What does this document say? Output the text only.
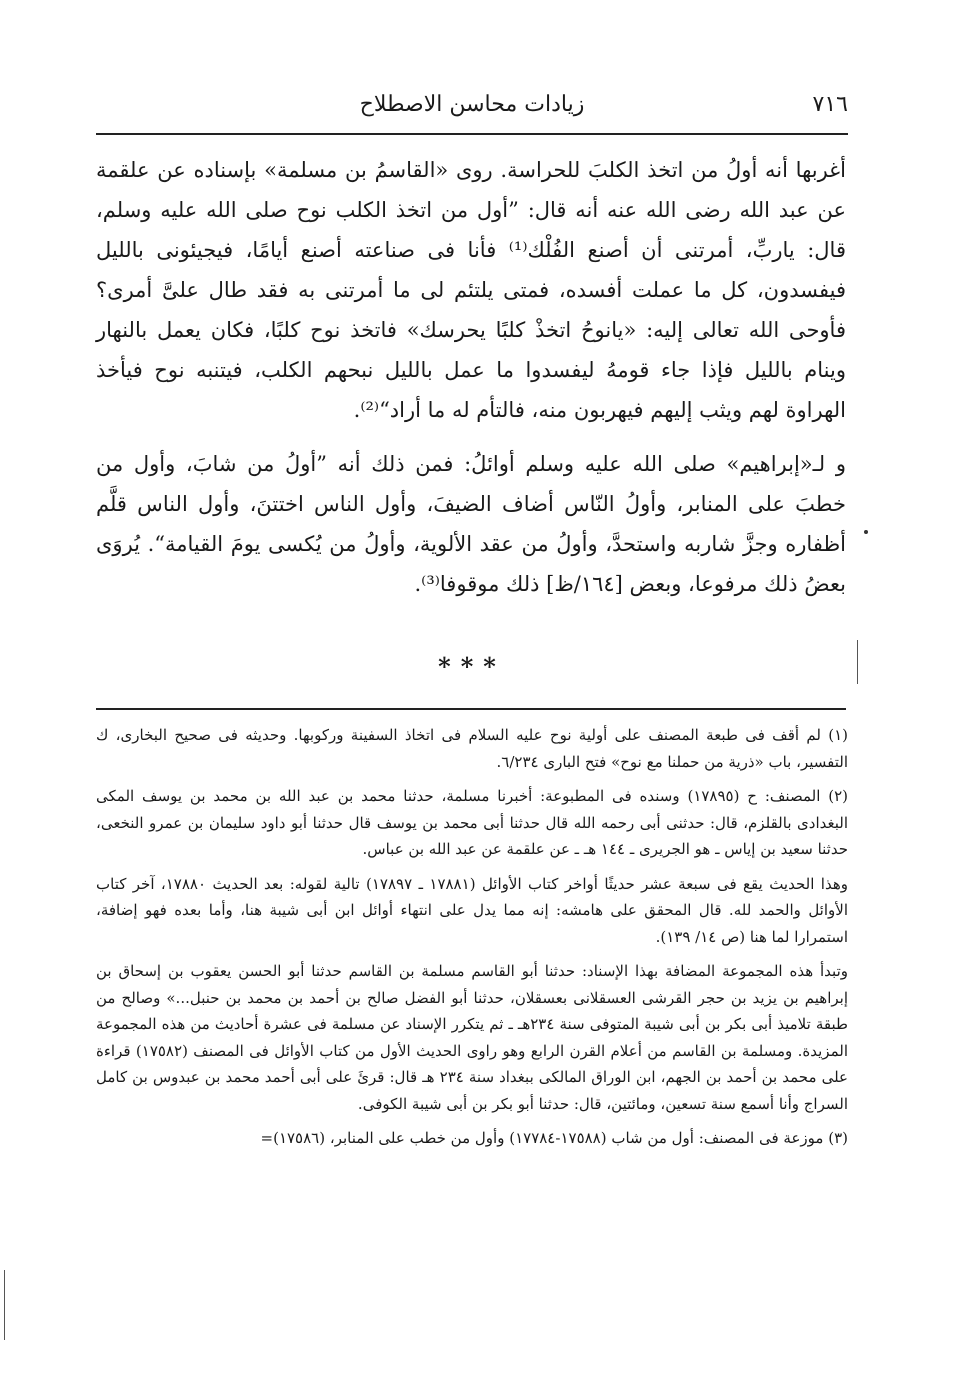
٧١٦
زيادات محاسن الاصطلاح

أغربها أنه أولُ من اتخذ الكلبَ للحراسة. روى «القاسمُ بن مسلمة» بإسناده عن علقمة عن عبد الله رضى الله عنه أنه قال: ”أول من اتخذ الكلب نوح صلى الله عليه وسلم، قال: ياربِّ، أمرتنى أن أصنع الفُلْك⁽¹⁾ فأنا فى صناعته أصنع أيامًا، فيجيئونى بالليل فيفسدون، كل ما عملت أفسده، فمتى يلتئم لى ما أمرتنى به فقد طال علىَّ أمرى؟ فأوحى الله تعالى إليه: «يانوحُ اتخذْ كلبًا يحرسك» فاتخذ نوح كلبًا، فكان يعمل بالنهار وينام بالليل فإذا جاء قومهُ ليفسدوا ما عمل بالليل نبحهم الكلب، فيتنبه نوح فيأخذ الهراوة لهم ويثب إليهم فيهربون منه، فالتأم له ما أراد“⁽²⁾.

و لـ«إبراهيم» صلى الله عليه وسلم أوائلُ: فمن ذلك أنه ”أولُ من شابَ، وأول من خطبَ على المنابر، وأولُ النّاس أضاف الضيفَ، وأول الناس اختتنَ، وأول الناس قلَّم أظفاره وجزَّ شاربه واستحدَّ، وأولُ من عقد الألوية، وأولُ من يُكسى يومَ القيامة“. يُروَى بعضُ ذلك مرفوعا، وبعض [١٦٤/ظ] ذلك موقوفا⁽³⁾.

***

(١) لم أقف فى طبعة المصنف على أولية نوح عليه السلام فى اتخاذ السفينة وركوبها. وحديثه فى صحيح البخارى، ك التفسير، باب «ذرية من حملنا مع نوح» فتح البارى ٦/٢٣٤.

(٢) المصنف: ح (١٧٨٩٥) وسنده فى المطبوعة: أخبرنا مسلمة، حدثنا محمد بن عبد الله بن محمد بن يوسف المكى البغدادى بالقلزم، قال: حدثنى أبى رحمه الله قال حدثنا أبى محمد بن يوسف قال حدثنا أبو داود سليمان بن عمرو النخعى، حدثنا سعيد بن إياس ـ هو الجريرى ـ ١٤٤ هـ ـ عن علقمة عن عبد الله بن عباس.

وهذا الحديث يقع فى سبعة عشر حديثًا أواخر كتاب الأوائل (١٧٨٨١ ـ ١٧٨٩٧) تالية لقوله: بعد الحديث ١٧٨٨٠، آخر كتاب الأوائل والحمد لله. قال المحقق على هامشه: إنه مما يدل على انتهاء أوائل ابن أبى شيبة هنا، وأما بعده فهو إضافة، استمرارا لما هنا (ص ١٤/ ١٣٩).

وتبدأ هذه المجموعة المضافة بهذا الإسناد: حدثنا أبو القاسم مسلمة بن القاسم حدثنا أبو الحسن يعقوب بن إسحاق بن إبراهيم بن يزيد بن حجر القرشى العسقلانى بعسقلان، حدثنا أبو الفضل صالح بن أحمد بن محمد بن حنبل...» وصالح من طبقة تلاميذ أبى بكر بن أبى شيبة المتوفى سنة ٢٣٤هـ ـ ثم يتكرر الإسناد عن مسلمة فى عشرة أحاديث من هذه المجموعة المزيدة. ومسلمة بن القاسم من أعلام القرن الرابع وهو راوى الحديث الأول من كتاب الأوائل فى المصنف (١٧٥٨٢) قراءة على محمد بن أحمد بن الجهم، ابن الوراق المالكى ببغداد سنة ٢٣٤ هـ قال: قرئَ على أبى أحمد محمد بن عبدوس بن كامل السراج وأنا أسمع سنة تسعين، ومائتين، قال: حدثنا أبو بكر بن أبى شيبة الكوفى.

(٣) موزعة فى المصنف: أول من شاب (١٧٥٨٨-١٧٧٨٤) وأول من خطب على المنابر، (١٧٥٨٦)=
